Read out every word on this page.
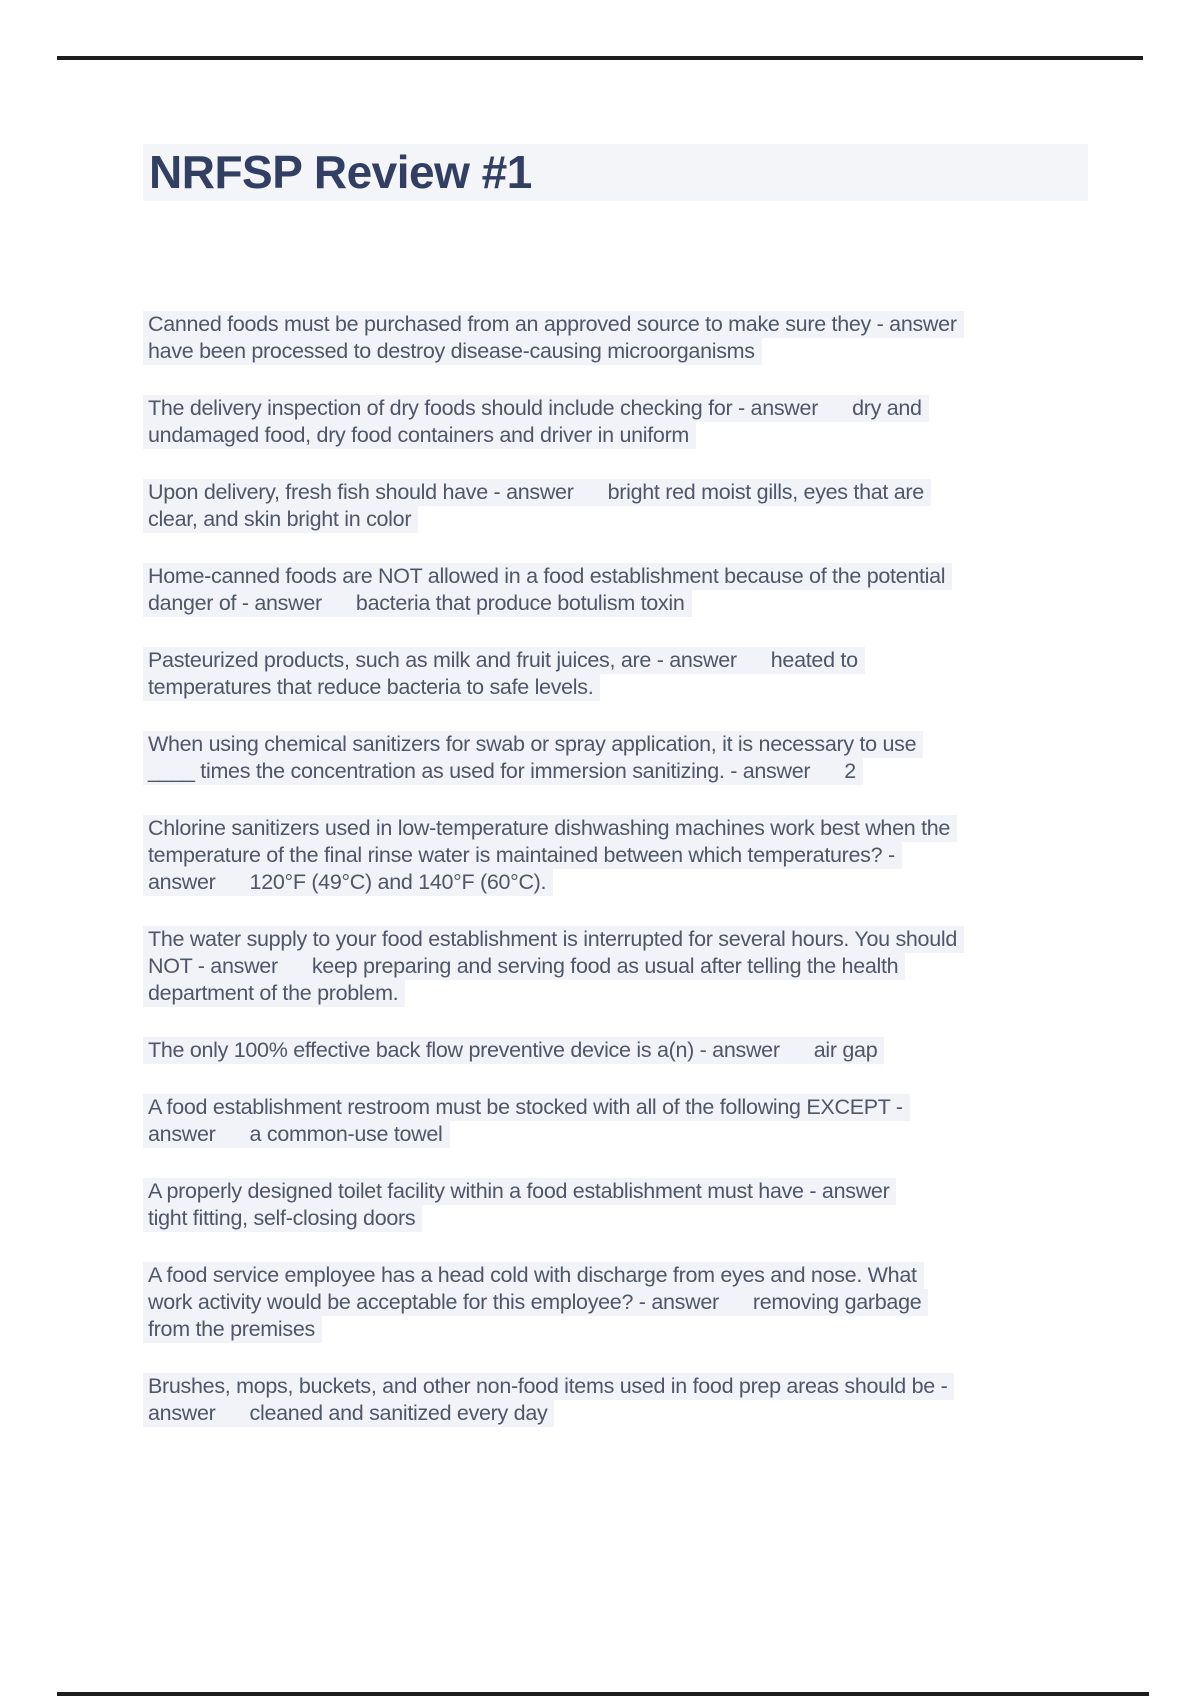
NRFSP Review #1
Canned foods must be purchased from an approved source to make sure they - answer
have been processed to destroy disease-causing microorganisms
The delivery inspection of dry foods should include checking for - answer      dry and
undamaged food, dry food containers and driver in uniform
Upon delivery, fresh fish should have - answer      bright red moist gills, eyes that are
clear, and skin bright in color
Home-canned foods are NOT allowed in a food establishment because of the potential
danger of - answer      bacteria that produce botulism toxin
Pasteurized products, such as milk and fruit juices, are - answer      heated to
temperatures that reduce bacteria to safe levels.
When using chemical sanitizers for swab or spray application, it is necessary to use
____ times the concentration as used for immersion sanitizing. - answer      2
Chlorine sanitizers used in low-temperature dishwashing machines work best when the
temperature of the final rinse water is maintained between which temperatures? -
answer      120°F (49°C) and 140°F (60°C).
The water supply to your food establishment is interrupted for several hours. You should
NOT - answer      keep preparing and serving food as usual after telling the health
department of the problem.
The only 100% effective back flow preventive device is a(n) - answer      air gap
A food establishment restroom must be stocked with all of the following EXCEPT -
answer      a common-use towel
A properly designed toilet facility within a food establishment must have - answer
tight fitting, self-closing doors
A food service employee has a head cold with discharge from eyes and nose. What
work activity would be acceptable for this employee? - answer      removing garbage
from the premises
Brushes, mops, buckets, and other non-food items used in food prep areas should be -
answer      cleaned and sanitized every day
